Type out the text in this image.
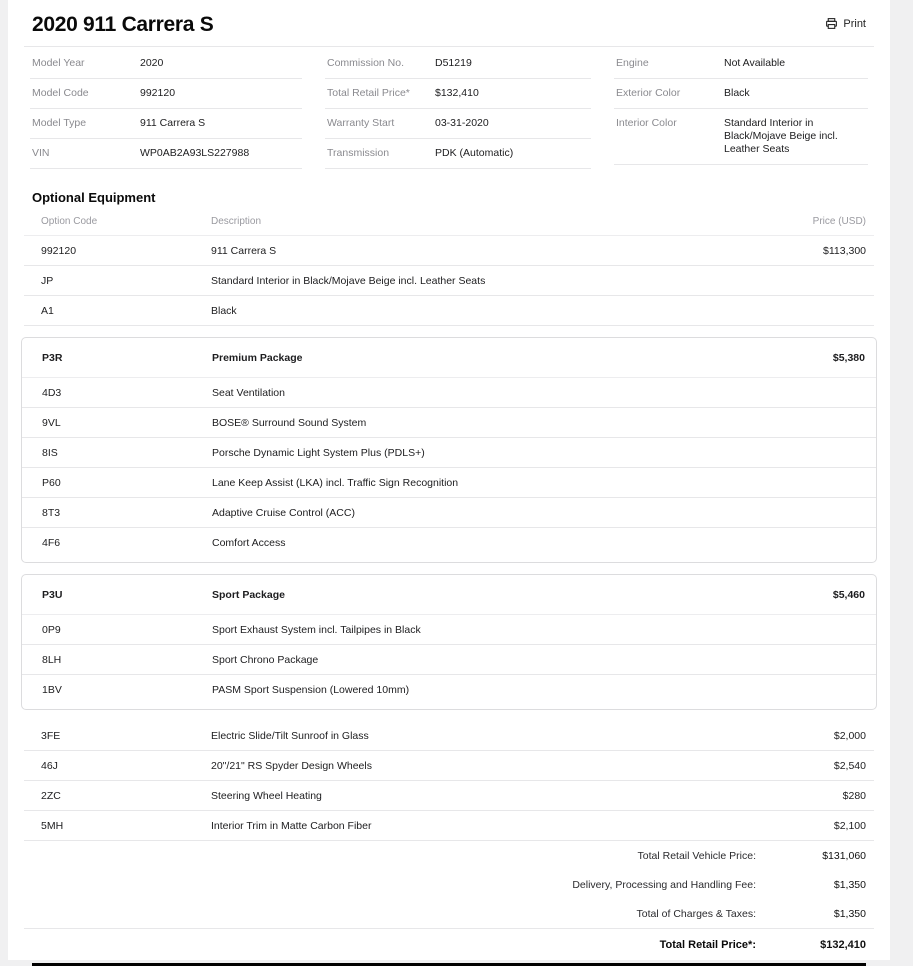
2020 911 Carrera S	Print
Model Year	2020
Model Code	992120
Model Type	911 Carrera S
VIN	WP0AB2A93LS227988
Commission No.	D51219
Total Retail Price*	$132,410
Warranty Start	03-31-2020
Transmission	PDK (Automatic)
Engine	Not Available
Exterior Color	Black
Interior Color	Standard Interior in Black/Mojave Beige incl. Leather Seats
Optional Equipment
Option Code	Description	Price (USD)
992120	911 Carrera S	$113,300
JP	Standard Interior in Black/Mojave Beige incl. Leather Seats
A1	Black
P3R	Premium Package	$5,380
4D3	Seat Ventilation
9VL	BOSE® Surround Sound System
8IS	Porsche Dynamic Light System Plus (PDLS+)
P60	Lane Keep Assist (LKA) incl. Traffic Sign Recognition
8T3	Adaptive Cruise Control (ACC)
4F6	Comfort Access
P3U	Sport Package	$5,460
0P9	Sport Exhaust System incl. Tailpipes in Black
8LH	Sport Chrono Package
1BV	PASM Sport Suspension (Lowered 10mm)
3FE	Electric Slide/Tilt Sunroof in Glass	$2,000
46J	20"/21" RS Spyder Design Wheels	$2,540
2ZC	Steering Wheel Heating	$280
5MH	Interior Trim in Matte Carbon Fiber	$2,100
Total Retail Vehicle Price:	$131,060
Delivery, Processing and Handling Fee:	$1,350
Total of Charges & Taxes:	$1,350
Total Retail Price*:	$132,410
